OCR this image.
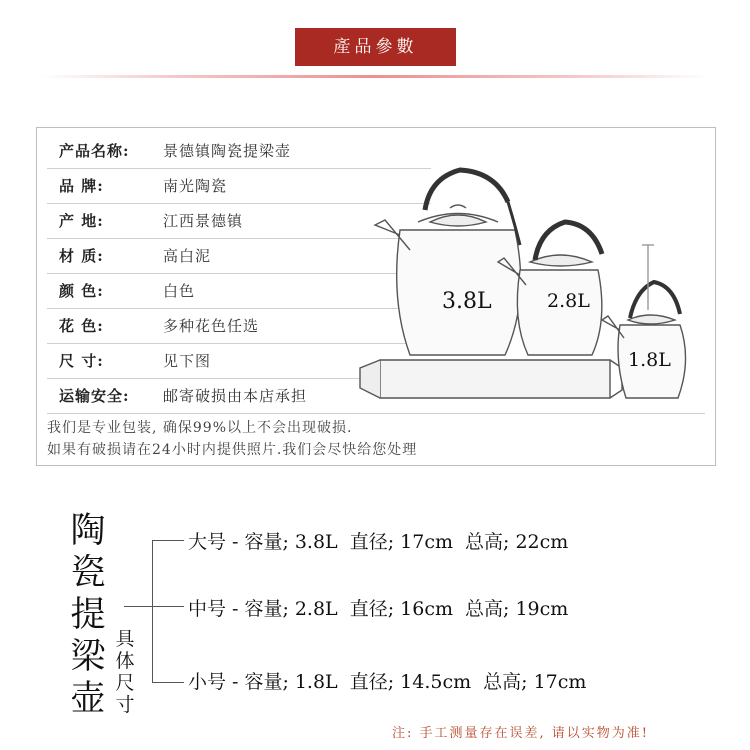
產品參數
产品名称:	景德镇陶瓷提梁壶
品 牌:	南光陶瓷
产 地:	江西景德镇
材 质:	高白泥
颜 色:	白色
花 色:	多种花色任选
尺 寸:	见下图
运输安全:	邮寄破损由本店承担
我们是专业包装, 确保99%以上不会出现破损.
如果有破损请在24小时内提供照片.我们会尽快给您处理
3.8L	2.8L
1.8L
陶
瓷
提
梁
壶
具
体
尺
寸
大号 - 容量; 3.8L 直径; 17cm 总高; 22cm
中号 - 容量; 2.8L 直径; 16cm 总高; 19cm
小号 - 容量; 1.8L 直径; 14.5cm 总高; 17cm
注: 手工测量存在误差, 请以实物为准!
